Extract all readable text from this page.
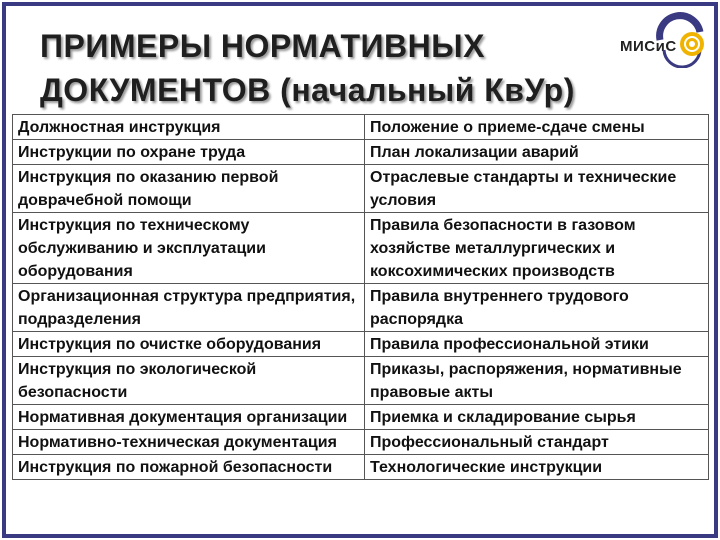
ПРИМЕРЫ НОРМАТИВНЫХ
ДОКУМЕНТОВ (начальный КвУр)
МИСиС
Должностная инструкция	Положение о приеме-сдаче смены
Инструкции по охране труда	План локализации аварий
Инструкция по оказанию первой доврачебной помощи	Отраслевые стандарты и технические условия
Инструкция по техническому обслуживанию и эксплуатации оборудования	Правила безопасности в газовом хозяйстве металлургических и коксохимических производств
Организационная структура предприятия, подразделения	Правила внутреннего трудового распорядка
Инструкция по очистке оборудования	Правила профессиональной этики
Инструкция по экологической безопасности	Приказы, распоряжения, нормативные правовые акты
Нормативная документация организации	Приемка и складирование сырья
Нормативно-техническая документация	Профессиональный стандарт
Инструкция по пожарной безопасности	Технологические инструкции
